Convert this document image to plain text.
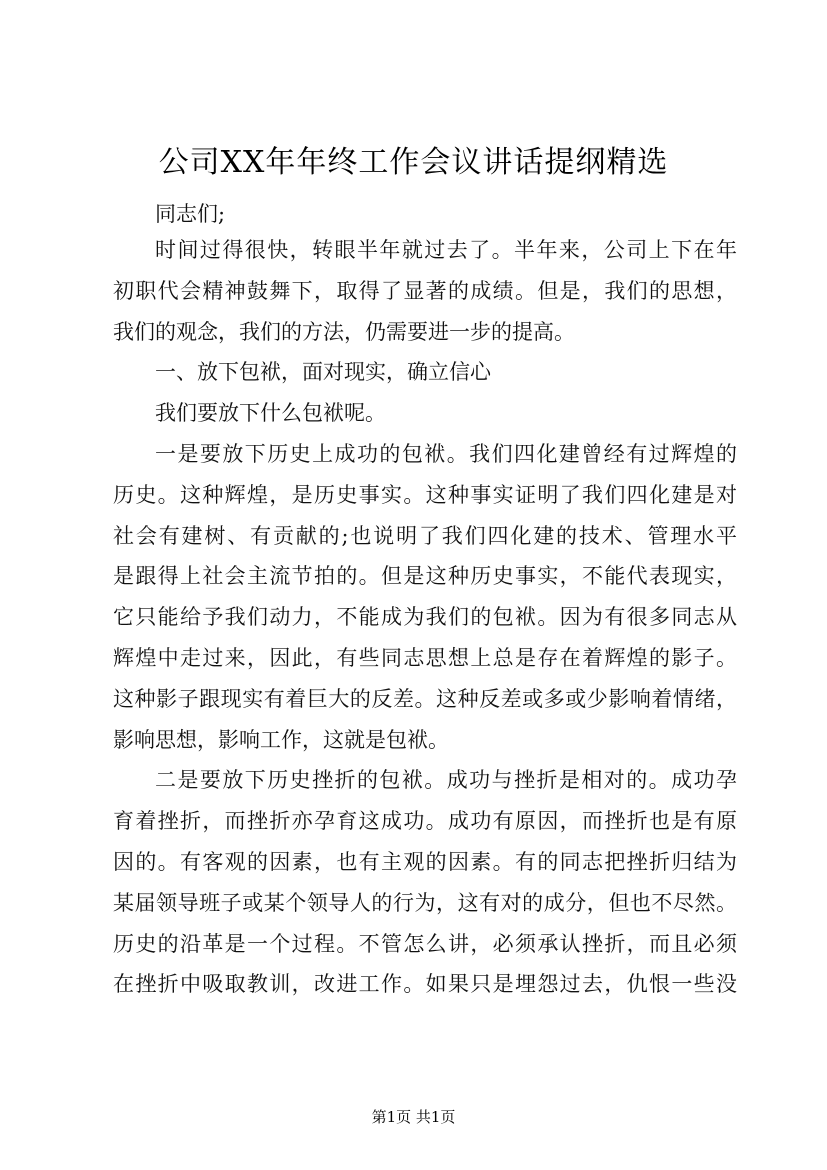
公司XX年年终工作会议讲话提纲精选
同志们;
时间过得很快，转眼半年就过去了。半年来，公司上下在年
初职代会精神鼓舞下，取得了显著的成绩。但是，我们的思想，
我们的观念，我们的方法，仍需要进一步的提高。
一、放下包袱，面对现实，确立信心
我们要放下什么包袱呢。
一是要放下历史上成功的包袱。我们四化建曾经有过辉煌的
历史。这种辉煌，是历史事实。这种事实证明了我们四化建是对
社会有建树、有贡献的;也说明了我们四化建的技术、管理水平
是跟得上社会主流节拍的。但是这种历史事实，不能代表现实，
它只能给予我们动力，不能成为我们的包袱。因为有很多同志从
辉煌中走过来，因此，有些同志思想上总是存在着辉煌的影子。
这种影子跟现实有着巨大的反差。这种反差或多或少影响着情绪，
影响思想，影响工作，这就是包袱。
二是要放下历史挫折的包袱。成功与挫折是相对的。成功孕
育着挫折，而挫折亦孕育这成功。成功有原因，而挫折也是有原
因的。有客观的因素，也有主观的因素。有的同志把挫折归结为
某届领导班子或某个领导人的行为，这有对的成分，但也不尽然。
历史的沿革是一个过程。不管怎么讲，必须承认挫折，而且必须
在挫折中吸取教训，改进工作。如果只是埋怨过去，仇恨一些没
第1页 共1页
